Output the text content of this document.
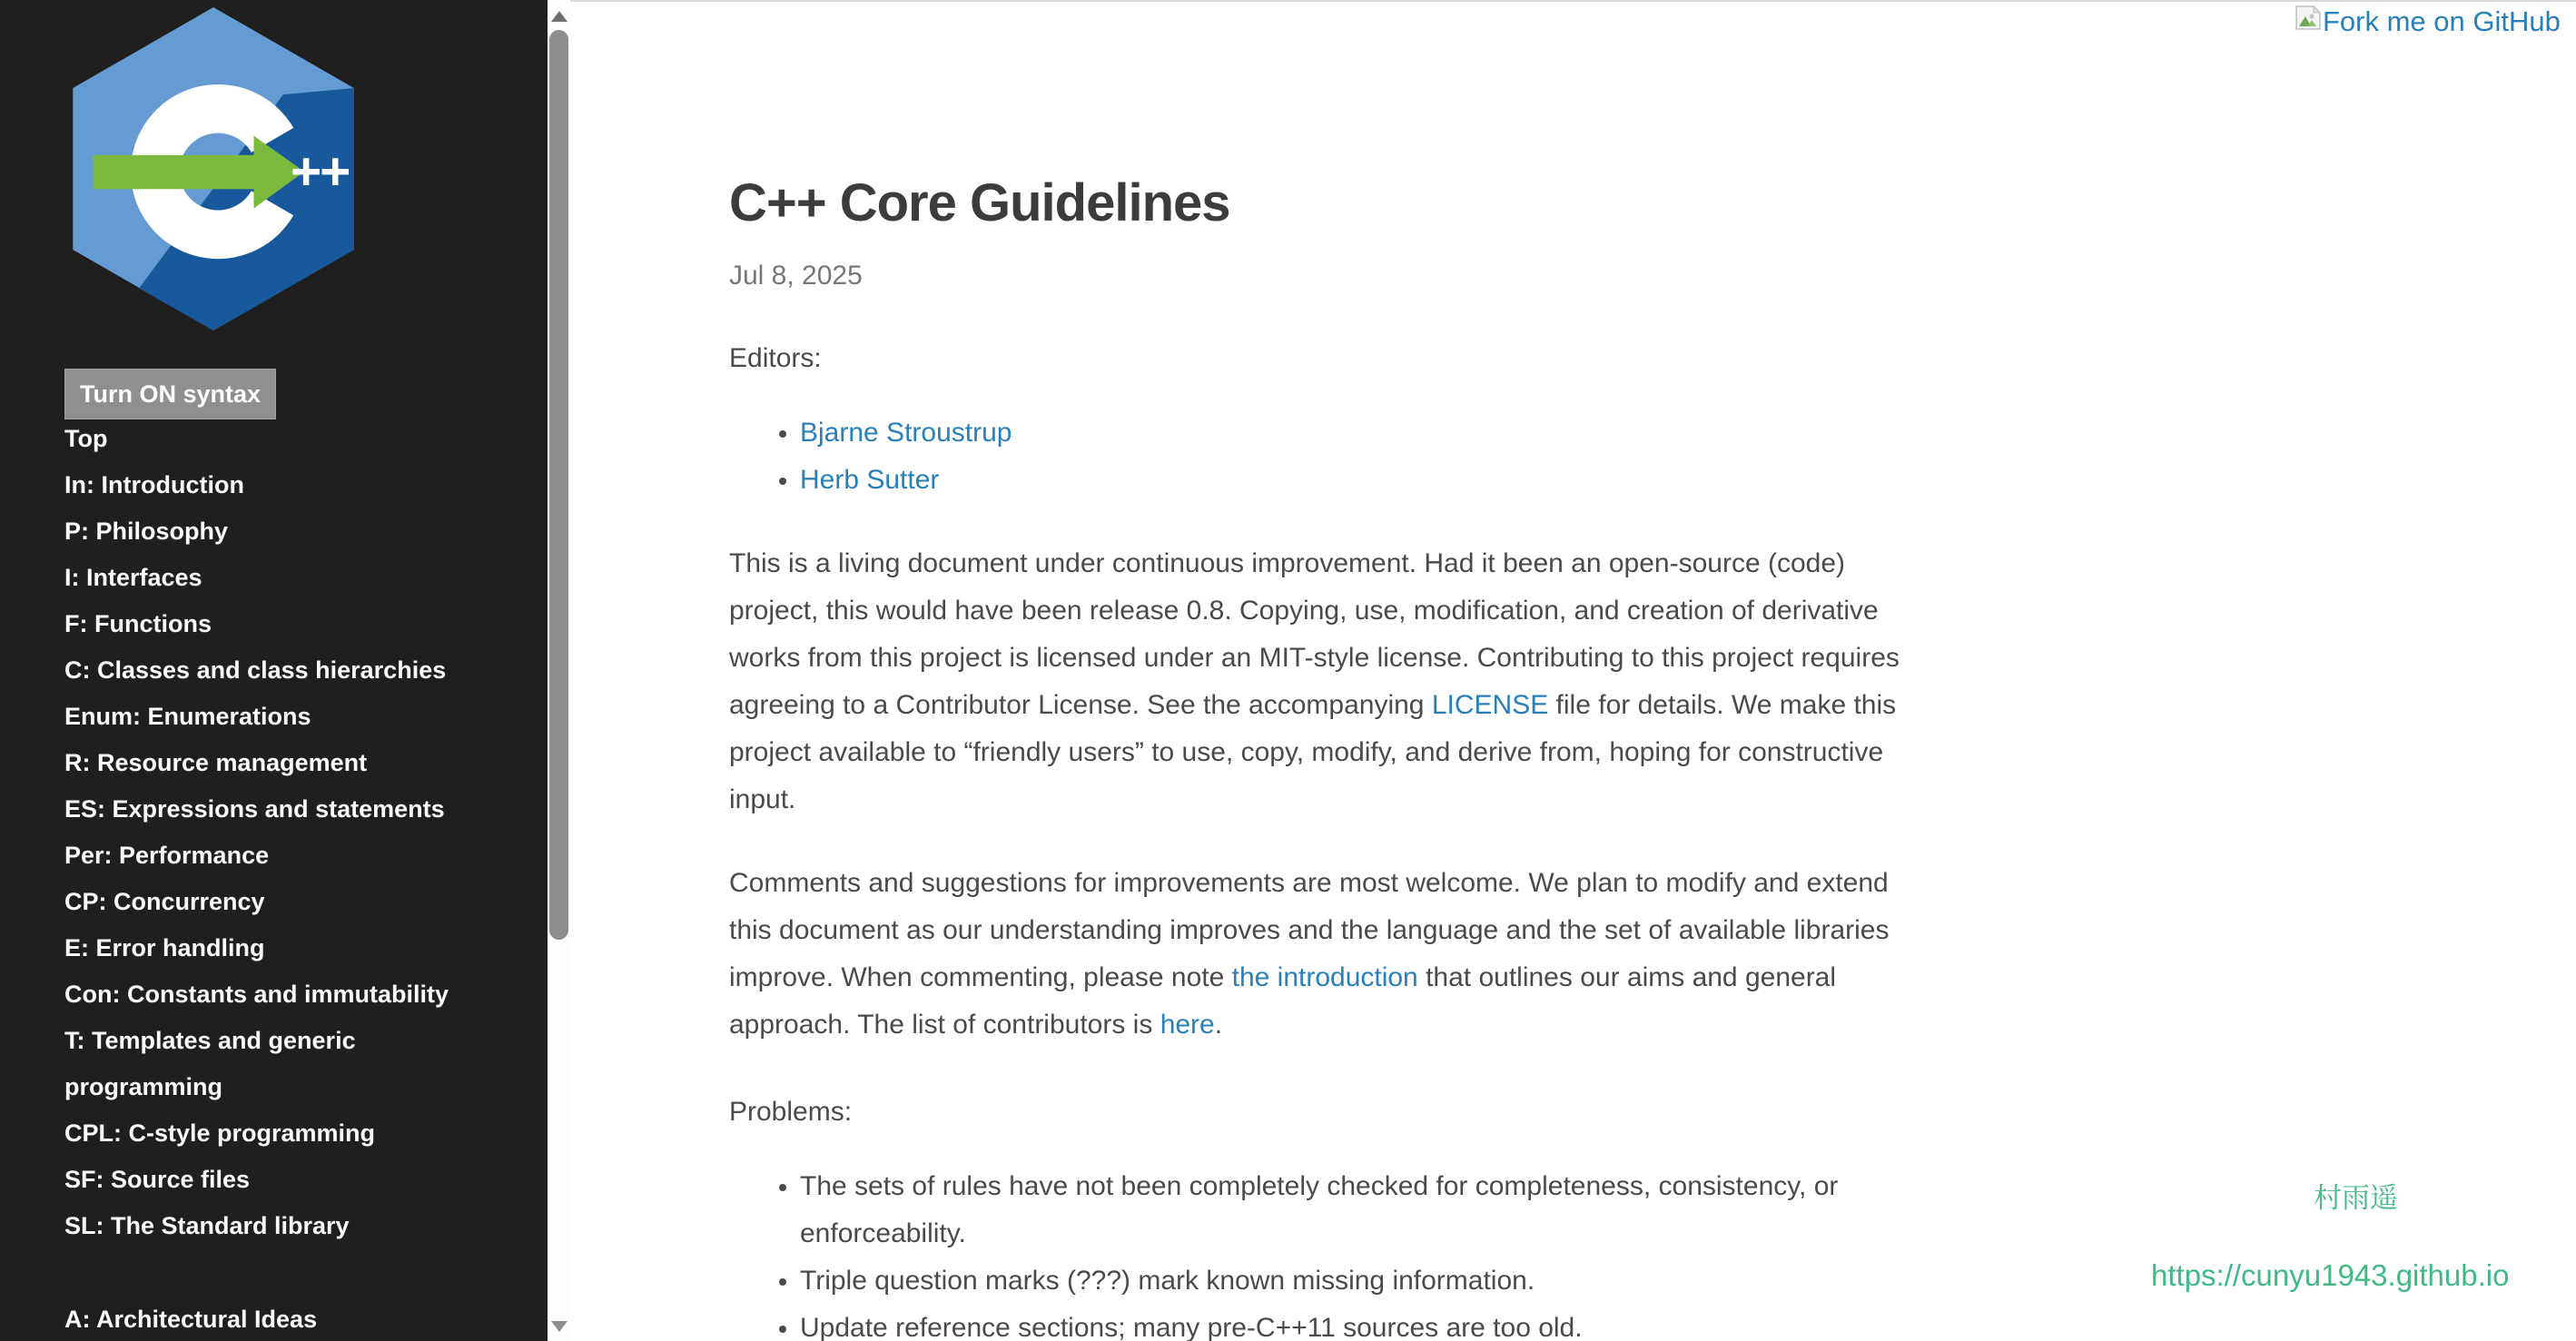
++
Turn ON syntax
Top
In: Introduction
P: Philosophy
I: Interfaces
F: Functions
C: Classes and class hierarchies
Enum: Enumerations
R: Resource management
ES: Expressions and statements
Per: Performance
CP: Concurrency
E: Error handling
Con: Constants and immutability
T: Templates and generic programming
CPL: C-style programming
SF: Source files
SL: The Standard library
A: Architectural Ideas
C++ Core Guidelines
Jul 8, 2025
Editors:
• Bjarne Stroustrup
• Herb Sutter

This is a living document under continuous improvement. Had it been an open-source (code) project, this would have been release 0.8. Copying, use, modification, and creation of derivative works from this project is licensed under an MIT-style license. Contributing to this project requires agreeing to a Contributor License. See the accompanying LICENSE file for details. We make this project available to “friendly users” to use, copy, modify, and derive from, hoping for constructive input.

Comments and suggestions for improvements are most welcome. We plan to modify and extend this document as our understanding improves and the language and the set of available libraries improve. When commenting, please note the introduction that outlines our aims and general approach. The list of contributors is here.

Problems:
• The sets of rules have not been completely checked for completeness, consistency, or enforceability.
• Triple question marks (???) mark known missing information.
• Update reference sections; many pre-C++11 sources are too old.
Fork me on GitHub
村雨遥
https://cunyu1943.github.io
